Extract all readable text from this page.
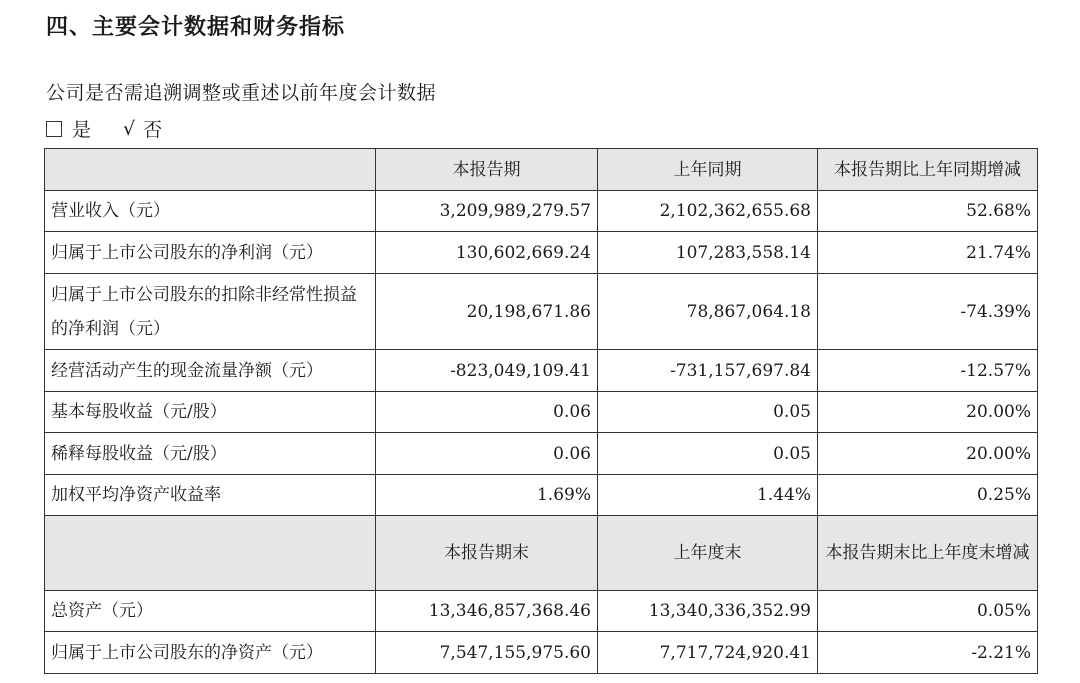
四、主要会计数据和财务指标
公司是否需追溯调整或重述以前年度会计数据
是 √ 否
	本报告期	上年同期	本报告期比上年同期增减
营业收入（元）	3,209,989,279.57	2,102,362,655.68	52.68%
归属于上市公司股东的净利润（元）	130,602,669.24	107,283,558.14	21.74%
归属于上市公司股东的扣除非经常性损益的净利润（元）	20,198,671.86	78,867,064.18	-74.39%
经营活动产生的现金流量净额（元）	-823,049,109.41	-731,157,697.84	-12.57%
基本每股收益（元/股）	0.06	0.05	20.00%
稀释每股收益（元/股）	0.06	0.05	20.00%
加权平均净资产收益率	1.69%	1.44%	0.25%
	本报告期末	上年度末	本报告期末比上年度末增减
总资产（元）	13,346,857,368.46	13,340,336,352.99	0.05%
归属于上市公司股东的净资产（元）	7,547,155,975.60	7,717,724,920.41	-2.21%
